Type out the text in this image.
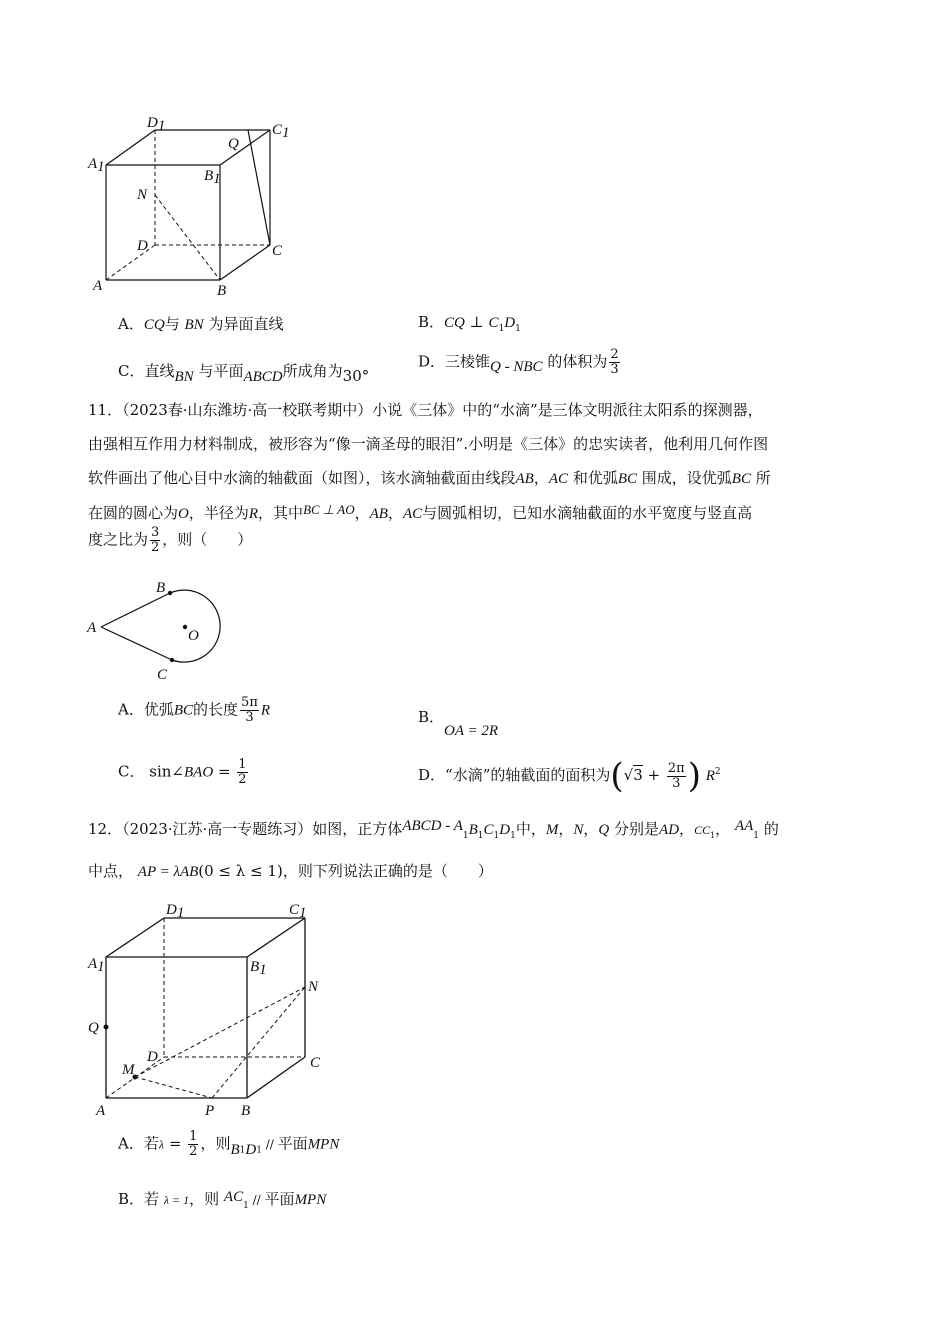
D1	C1
A1
B1
Q
N
D	C
A	B
A．CQ与 BN 为异面直线	B．CQ ⊥ $C_1D_1$
C．直线BN 与平面ABCD所成角为30°
D．三棱锥Q - NBC 的体积为 $\frac{2}{3}$
11．（2023春·山东潍坊·高一校联考期中）小说《三体》中的“水滴”是三体文明派往太阳系的探测器，
由强相互作用力材料制成，被形容为“像一滴圣母的眼泪”.小明是《三体》的忠实读者，他利用几何作图
软件画出了他心目中水滴的轴截面（如图），该水滴轴截面由线段AB，AC 和优弧BC 围成，设优弧BC 所
在圆的圆心为O，半径为R，其中BC ⊥ AO，AB，AC与圆弧相切，已知水滴轴截面的水平宽度与竖直高
度之比为 $\frac{3}{2}$ ，则（　　）
B
A	O
C
A．优弧BC的长度 $\frac{5\pi}{3}$ R	B．OA = 2R
C． sin∠BAO = $\frac{1}{2}$	D．“水滴”的轴截面的面积为($√3 + \frac{2\pi}{3}$ ) $R^2$
12．（2023·江苏·高一专题练习）如图，正方体ABCD - $A_1B_1C_1D_1$中，M，N，Q 分别是AD，$CC_1$， $AA_1$ 的
中点， AP = λAB(0 ≤ λ ≤ 1)，则下列说法正确的是（　　）
D1	C1
A1	B1
N
Q
D	C
M
A	P B
A．若$\lambda = \frac{1}{2}$ ，则$B_1D_1$ // 平面MPN
B．若 λ = 1，则 $AC_1$ // 平面MPN
